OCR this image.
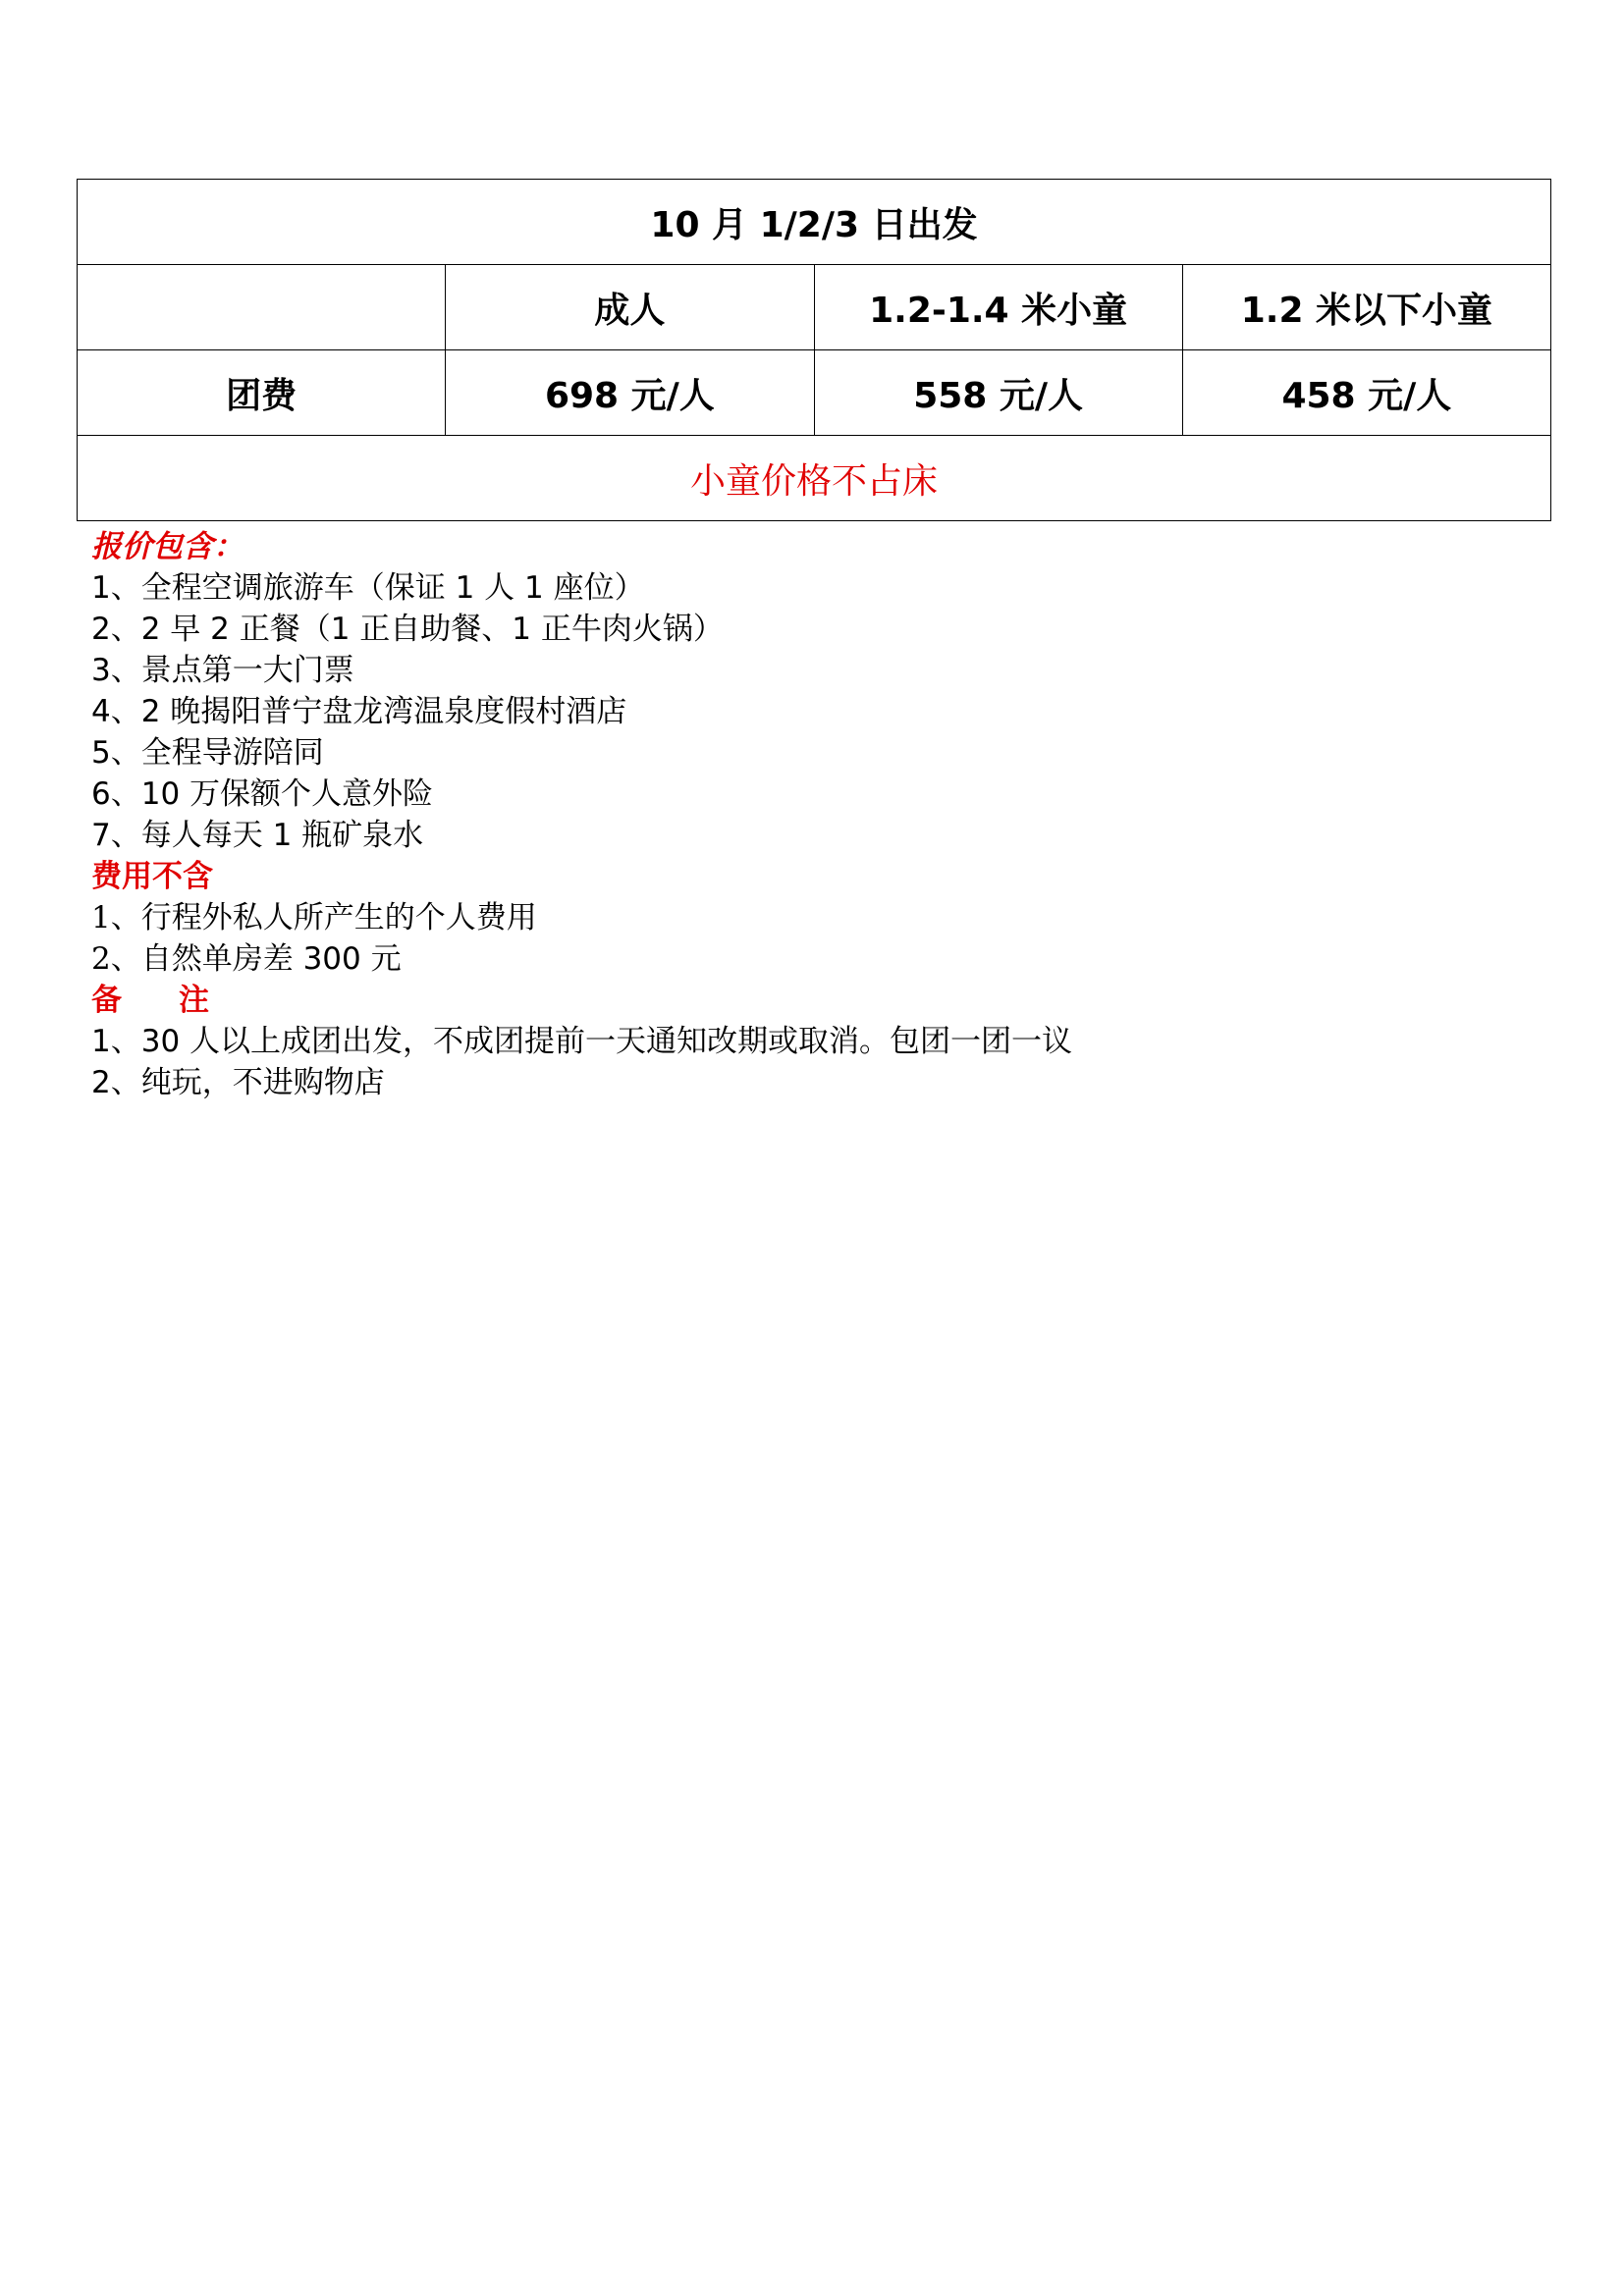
10 月 1/2/3 日出发			
	成人	1.2-1.4 米小童	1.2 米以下小童
团费	698 元/人	558 元/人	458 元/人
小童价格不占床			
报价包含：
1、全程空调旅游车（保证 1 人 1 座位）
2、2 早 2 正餐（1 正自助餐、1 正牛肉火锅）
3、景点第一大门票
4、2 晚揭阳普宁盘龙湾温泉度假村酒店
5、全程导游陪同
6、10 万保额个人意外险
7、每人每天 1 瓶矿泉水
费用不含
1、行程外私人所产生的个人费用
2、自然单房差 300 元
备注
1、30 人以上成团出发，不成团提前一天通知改期或取消。包团一团一议
2、纯玩，不进购物店
